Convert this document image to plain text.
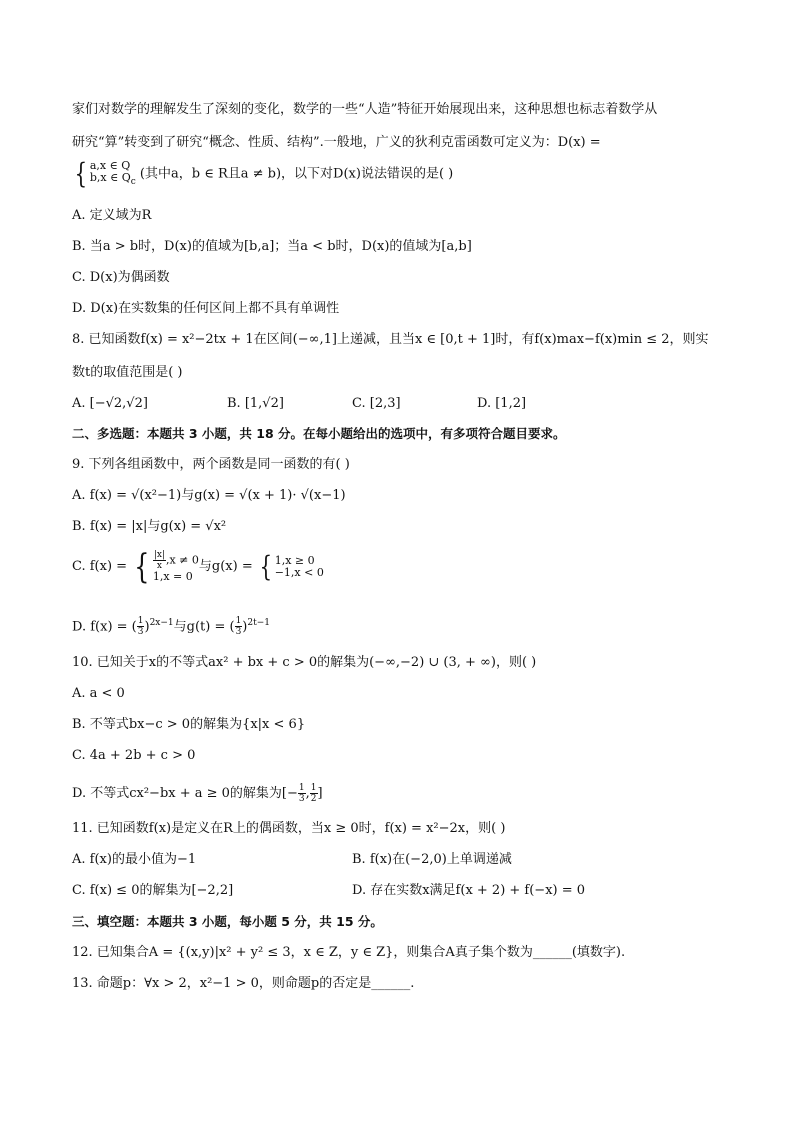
家们对数学的理解发生了深刻的变化，数学的一些“人造”特征开始展现出来，这种思想也标志着数学从
研究“算”转变到了研究“概念、性质、结构”.一般地，广义的狄利克雷函数可定义为：D(x) =
{ a,x ∈ Q
b,x ∈ $Q_c$
(其中a，b ∈ R且a ≠ b)，以下对D(x)说法错误的是( )
A. 定义域为R
B. 当a > b时，D(x)的值域为[b,a]；当a < b时，D(x)的值域为[a,b]
C. D(x)为偶函数
D. D(x)在实数集的任何区间上都不具有单调性
8. 已知函数f(x) = x²−2tx + 1在区间(−∞,1]上递减，且当x ∈ [0,t + 1]时，有f(x)max−f(x)min ≤ 2，则实
数t的取值范围是( )
A. [−√2,√2]	B. [1,√2]	C. [2,3]	D. [1,2]
二、多选题：本题共 3 小题，共 18 分。在每小题给出的选项中，有多项符合题目要求。
9. 下列各组函数中，两个函数是同一函数的有( )
A. f(x) = √(x²−1)与g(x) = √(x + 1)· √(x−1)
B. f(x) = |x|与g(x) = √x²
C. f(x) = { $\frac{|x|}{x} ,x \ne 0$
1,x = 0
与g(x) = { 1,x ≥ 0
−1,x < 0
D. f(x) = ( $\frac{1}{3} )^{2x-1}$与g(t) = ( $\frac{1}{3} )^{2t-1}$
10. 已知关于x的不等式ax² + bx + c > 0的解集为(−∞,−2) ∪ (3, + ∞)，则( )
A. a < 0
B. 不等式bx−c > 0的解集为{x|x < 6}
C. 4a + 2b + c > 0
D. 不等式cx²−bx + a ≥ 0的解集为[− $\frac{1}{3}$ , $\frac{1}{2}$ ]
11. 已知函数f(x)是定义在R上的偶函数，当x ≥ 0时，f(x) = x²−2x，则( )
A. f(x)的最小值为−1	B. f(x)在(−2,0)上单调递减
C. f(x) ≤ 0的解集为[−2,2]	D. 存在实数x满足f(x + 2) + f(−x) = 0
三、填空题：本题共 3 小题，每小题 5 分，共 15 分。
12. 已知集合A = {(x,y)|x² + y² ≤ 3，x ∈ Z，y ∈ Z}，则集合A真子集个数为______(填数字).
13. 命题p：∀x > 2，x²−1 > 0，则命题p的否定是______.
